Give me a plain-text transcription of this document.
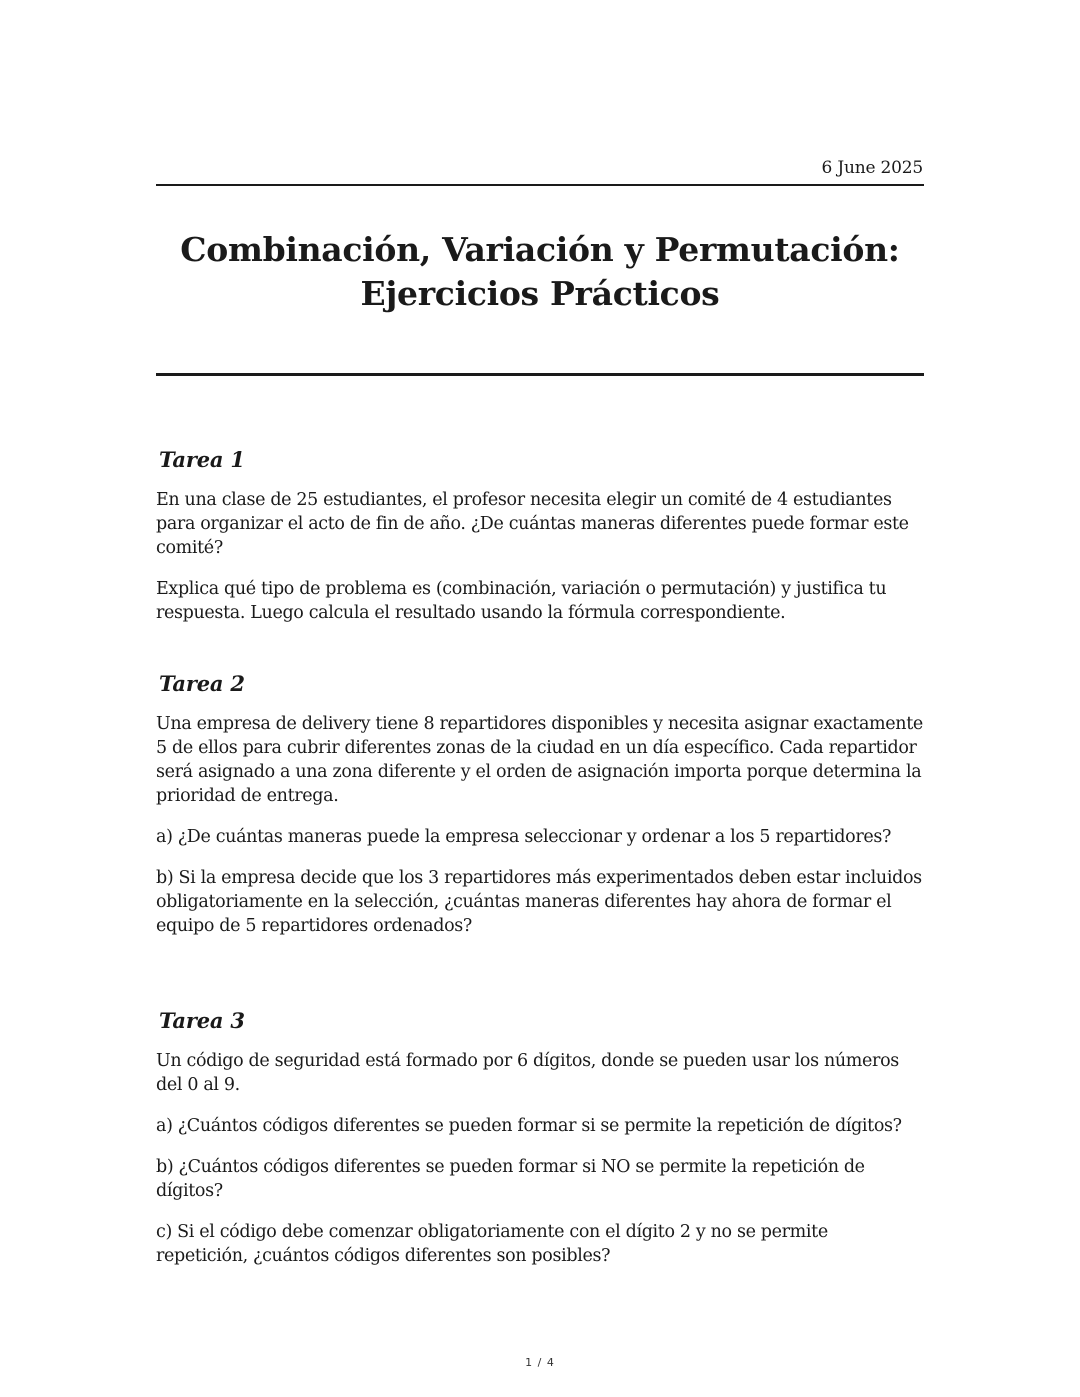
6 June 2025
Combinación, Variación y Permutación:
Ejercicios Prácticos
Tarea 1

En una clase de 25 estudiantes, el profesor necesita elegir un comité de 4 estudiantes para organizar el acto de fin de año. ¿De cuántas maneras diferentes puede formar este comité?

Explica qué tipo de problema es (combinación, variación o permutación) y justifica tu respuesta. Luego calcula el resultado usando la fórmula correspondiente.

Tarea 2

Una empresa de delivery tiene 8 repartidores disponibles y necesita asignar exactamente 5 de ellos para cubrir diferentes zonas de la ciudad en un día específico. Cada repartidor será asignado a una zona diferente y el orden de asignación importa porque determina la prioridad de entrega.

a) ¿De cuántas maneras puede la empresa seleccionar y ordenar a los 5 repartidores?

b) Si la empresa decide que los 3 repartidores más experimentados deben estar incluidos obligatoriamente en la selección, ¿cuántas maneras diferentes hay ahora de formar el equipo de 5 repartidores ordenados?

Tarea 3

Un código de seguridad está formado por 6 dígitos, donde se pueden usar los números del 0 al 9.

a) ¿Cuántos códigos diferentes se pueden formar si se permite la repetición de dígitos?

b) ¿Cuántos códigos diferentes se pueden formar si NO se permite la repetición de dígitos?

c) Si el código debe comenzar obligatoriamente con el dígito 2 y no se permite repetición, ¿cuántos códigos diferentes son posibles?

1 / 4
